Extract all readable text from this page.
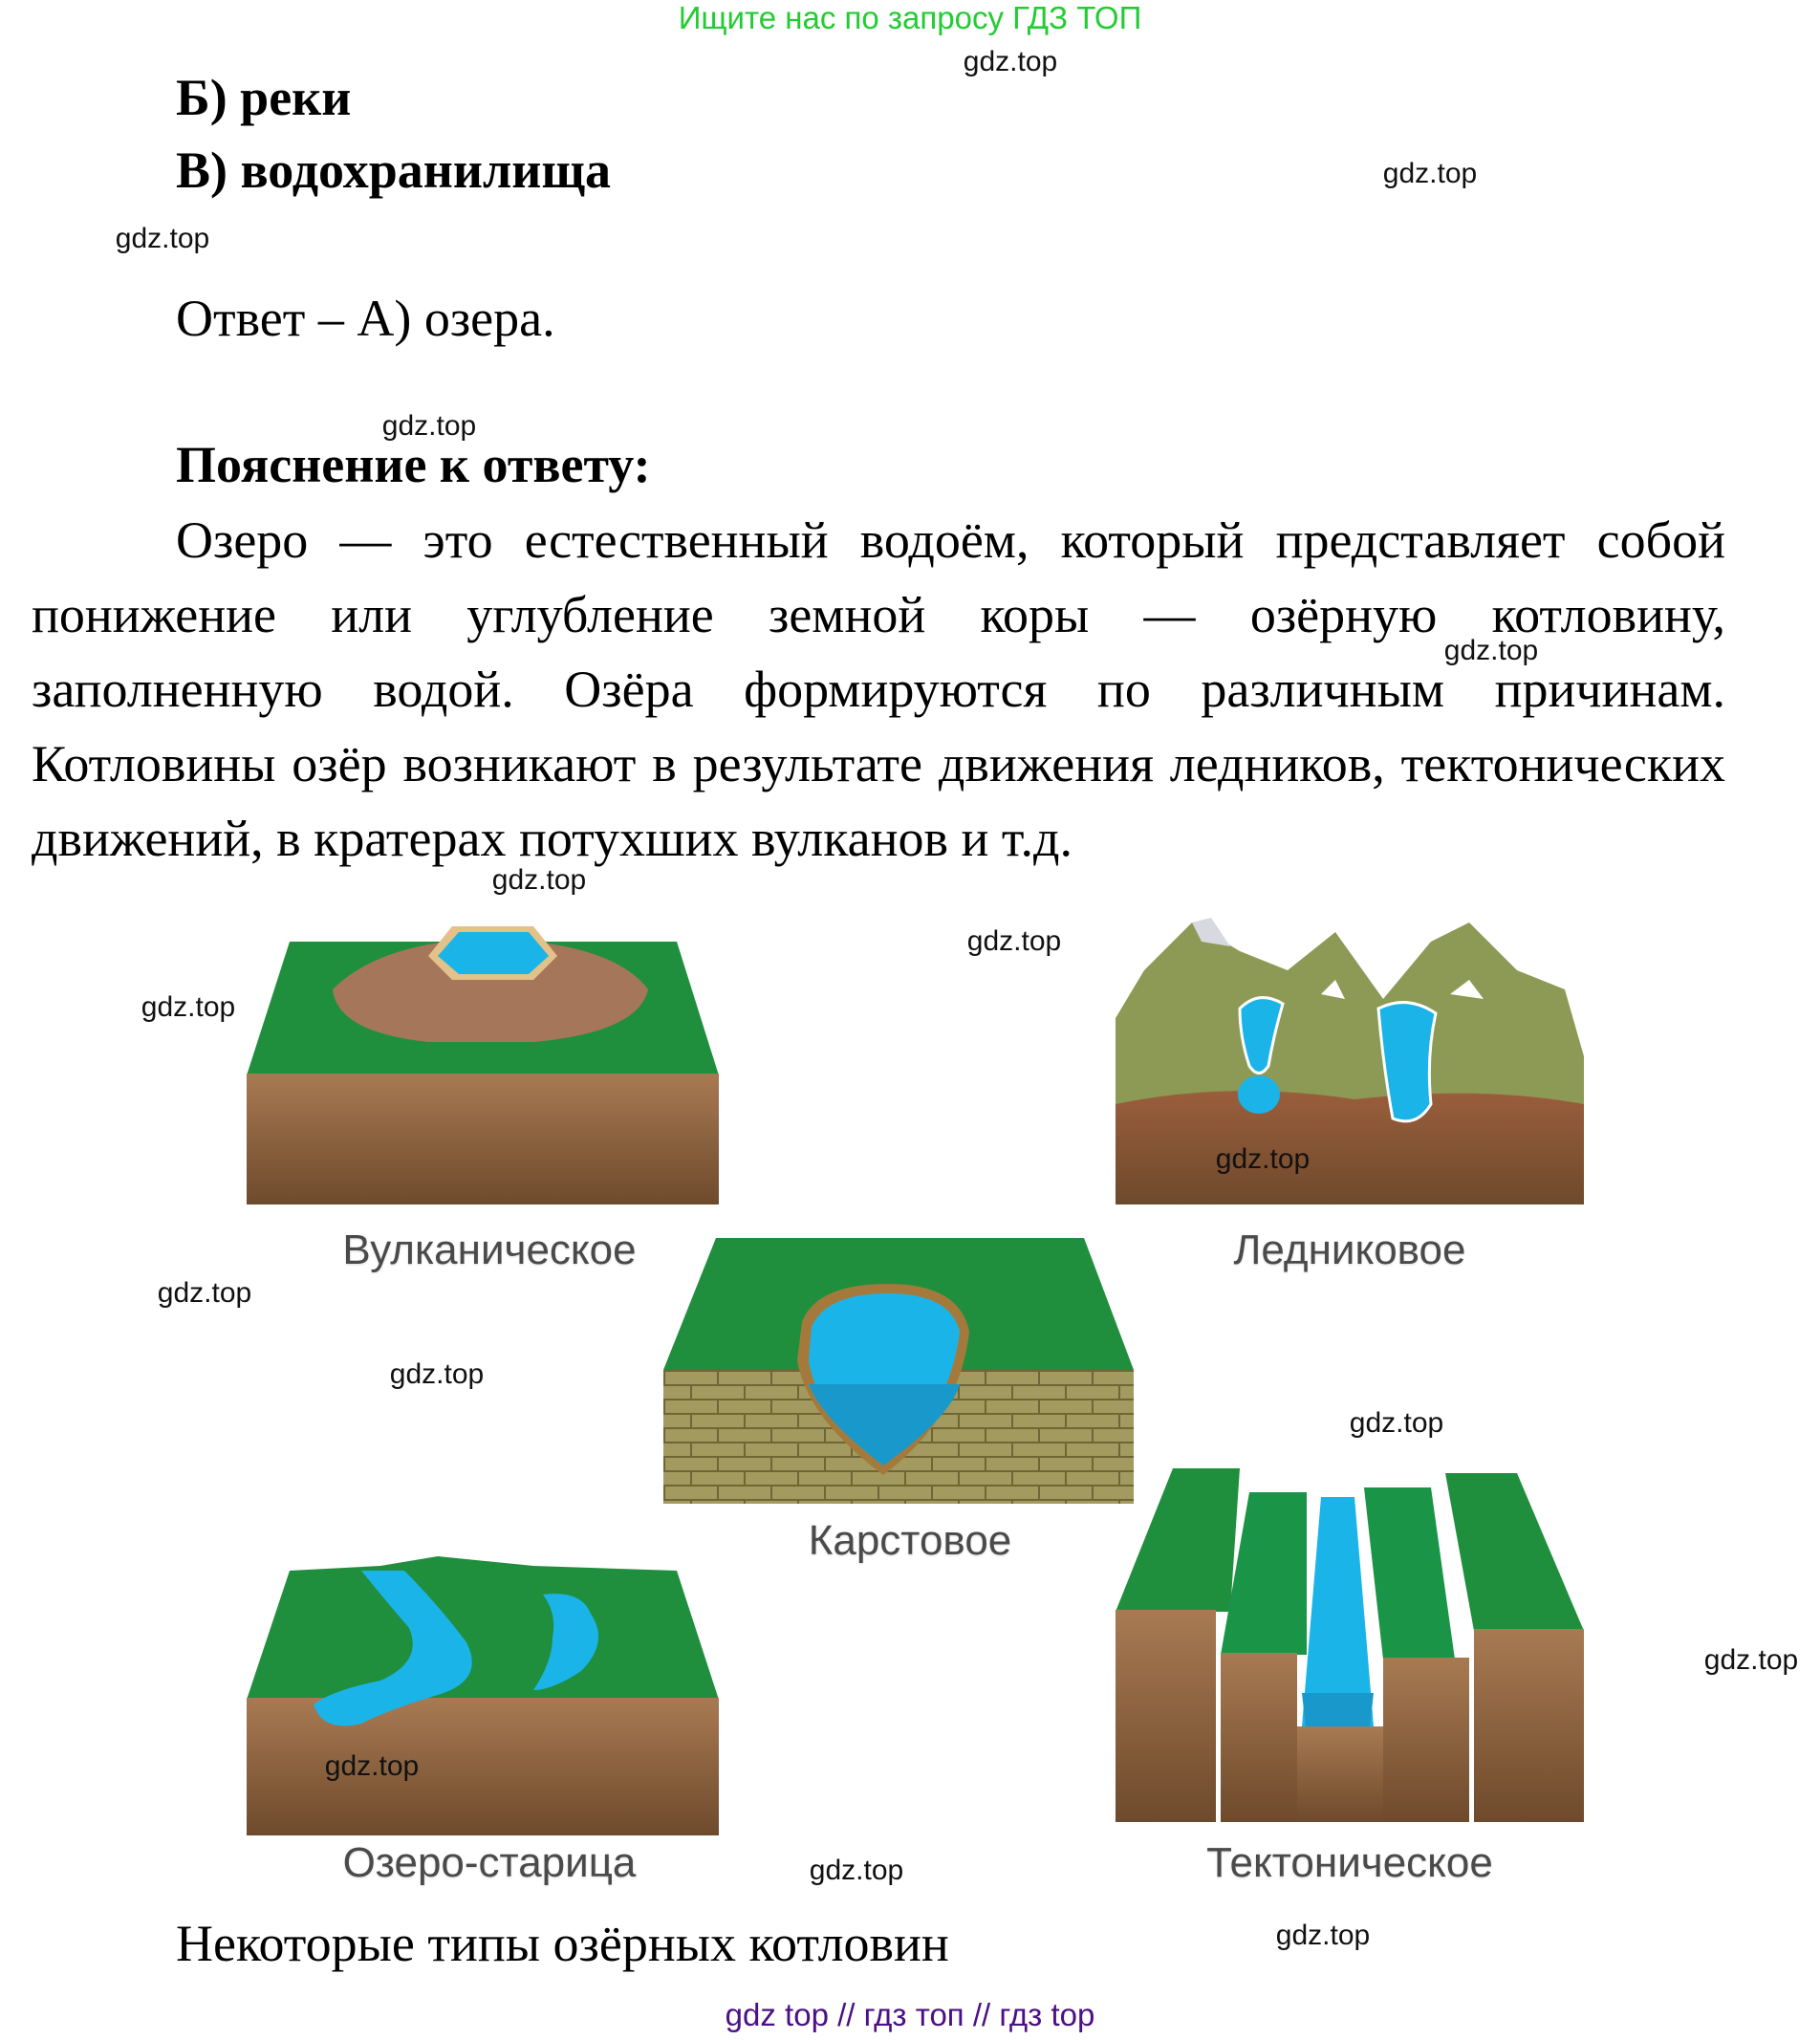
Ищите нас по запросу ГДЗ ТОП
Б) реки
В) водохранилища
Ответ – А) озера.
Пояснение к ответу:
Озеро — это естественный водоём, который представляет собой понижение или углубление земной коры — озёрную котловину, заполненную водой. Озёра формируются по различным причинам. Котловины озёр возникают в результате движения ледников, тектонических движений, в кратерах потухших вулканов и т.д.
Вулканическое	Ледниковое
Карстовое
Озеро-старица	Тектоническое
Некоторые типы озёрных котловин
gdz top // гдз топ // гдз top
gdz.top
gdz.top
gdz.top
gdz.top
gdz.top
gdz.top
gdz.top
gdz.top
gdz.top
gdz.top
gdz.top
gdz.top
gdz.top
gdz.top
gdz.top
gdz.top
